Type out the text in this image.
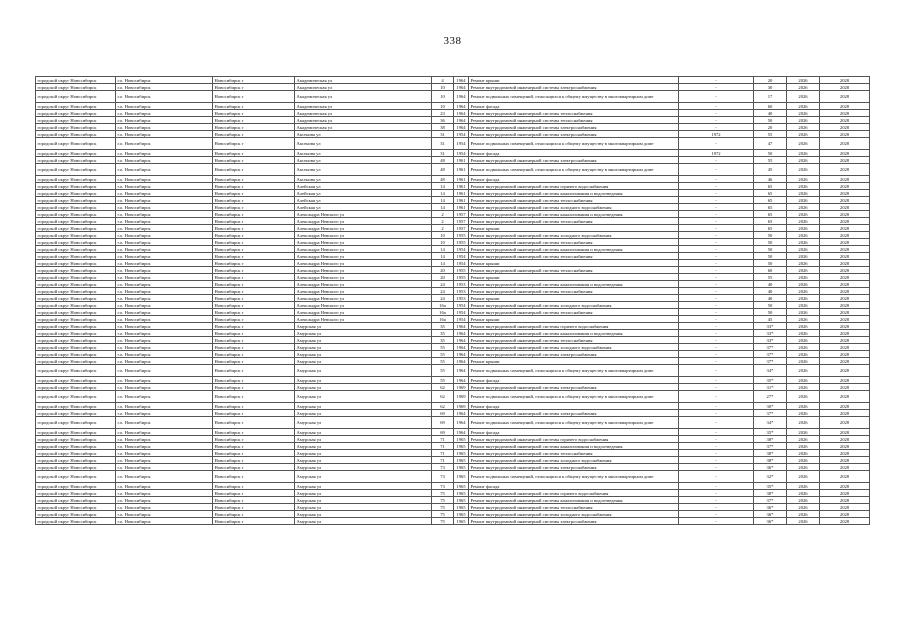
338
городской округ Новосибирск	г.о. Новосибирск	Новосибирск г	Академическая ул	4	1964	Ремонт крыши	-	20	2026	2028
городской округ Новосибирск	г.о. Новосибирск	Новосибирск г	Академическая ул	10	1964	Ремонт внутридомовой инженерной системы электроснабжения	-	30	2026	2028
городской округ Новосибирск	г.о. Новосибирск	Новосибирск г	Академическая ул	10	1964	Ремонт подвальных помещений, относящихся к общему имуществу в многоквартирном доме	-	17	2026	2028
городской округ Новосибирск	г.о. Новосибирск	Новосибирск г	Академическая ул	10	1964	Ремонт фасада	-	60	2026	2028
городской округ Новосибирск	г.о. Новосибирск	Новосибирск г	Академическая ул	23	1964	Ремонт внутридомовой инженерной системы теплоснабжения	-	40	2026	2028
городской округ Новосибирск	г.о. Новосибирск	Новосибирск г	Академическая ул	36	1964	Ремонт внутридомовой инженерной системы теплоснабжения	-	50	2026	2028
городской округ Новосибирск	г.о. Новосибирск	Новосибирск г	Академическая ул	38	1964	Ремонт внутридомовой инженерной системы электроснабжения	-	20	2026	2028
городской округ Новосибирск	г.о. Новосибирск	Новосибирск г	Аксенова ул	31	1954	Ремонт внутридомовой инженерной системы электроснабжения	1972	55	2026	2028
городской округ Новосибирск	г.о. Новосибирск	Новосибирск г	Аксенова ул	31	1954	Ремонт подвальных помещений, относящихся к общему имуществу в многоквартирном доме	-	47	2026	2028
городской округ Новосибирск	г.о. Новосибирск	Новосибирск г	Аксенова ул	31	1954	Ремонт фасада	1972	50	2026	2028
городской округ Новосибирск	г.о. Новосибирск	Новосибирск г	Аксенова ул	48	1961	Ремонт внутридомовой инженерной системы электроснабжения	-	55	2026	2028
городской округ Новосибирск	г.о. Новосибирск	Новосибирск г	Аксенова ул	48	1961	Ремонт подвальных помещений, относящихся к общему имуществу в многоквартирном доме	-	45	2026	2028
городской округ Новосибирск	г.о. Новосибирск	Новосибирск г	Аксенова ул	48	1961	Ремонт фасада	-	46	2026	2028
городской округ Новосибирск	г.о. Новосибирск	Новосибирск г	Алейская ул	14	1961	Ремонт внутридомовой инженерной системы горячего водоснабжения	-	65	2026	2028
городской округ Новосибирск	г.о. Новосибирск	Новосибирск г	Алейская ул	14	1961	Ремонт внутридомовой инженерной системы канализования и водоотведения	-	65	2026	2028
городской округ Новосибирск	г.о. Новосибирск	Новосибирск г	Алейская ул	14	1961	Ремонт внутридомовой инженерной системы теплоснабжения	-	65	2026	2028
городской округ Новосибирск	г.о. Новосибирск	Новосибирск г	Алейская ул	14	1961	Ремонт внутридомовой инженерной системы холодного водоснабжения	-	65	2026	2028
городской округ Новосибирск	г.о. Новосибирск	Новосибирск г	Александра Невского ул	2	1957	Ремонт внутридомовой инженерной системы канализования и водоотведения	-	65	2026	2028
городской округ Новосибирск	г.о. Новосибирск	Новосибирск г	Александра Невского ул	2	1957	Ремонт внутридомовой инженерной системы теплоснабжения	-	65	2026	2028
городской округ Новосибирск	г.о. Новосибирск	Новосибирск г	Александра Невского ул	2	1957	Ремонт крыши	-	65	2026	2028
городской округ Новосибирск	г.о. Новосибирск	Новосибирск г	Александра Невского ул	10	1955	Ремонт внутридомовой инженерной системы холодного водоснабжения	-	50	2026	2028
городской округ Новосибирск	г.о. Новосибирск	Новосибирск г	Александра Невского ул	10	1955	Ремонт внутридомовой инженерной системы теплоснабжения	-	50	2026	2028
городской округ Новосибирск	г.о. Новосибирск	Новосибирск г	Александра Невского ул	14	1954	Ремонт внутридомовой инженерной системы канализования и водоотведения	-	50	2026	2028
городской округ Новосибирск	г.о. Новосибирск	Новосибирск г	Александра Невского ул	14	1954	Ремонт внутридомовой инженерной системы теплоснабжения	-	50	2026	2028
городской округ Новосибирск	г.о. Новосибирск	Новосибирск г	Александра Невского ул	14	1954	Ремонт крыши	-	50	2026	2028
городской округ Новосибирск	г.о. Новосибирск	Новосибирск г	Александра Невского ул	20	1955	Ремонт внутридомовой инженерной системы теплоснабжения	-	60	2026	2028
городской округ Новосибирск	г.о. Новосибирск	Новосибирск г	Александра Невского ул	20	1955	Ремонт крыши	-	55	2026	2028
городской округ Новосибирск	г.о. Новосибирск	Новосибирск г	Александра Невского ул	24	1953	Ремонт внутридомовой инженерной системы канализования и водоотведения	-	40	2026	2028
городской округ Новосибирск	г.о. Новосибирск	Новосибирск г	Александра Невского ул	24	1953	Ремонт внутридомовой инженерной системы теплоснабжения	-	40	2026	2028
городской округ Новосибирск	г.о. Новосибирск	Новосибирск г	Александра Невского ул	24	1953	Ремонт крыши	-	40	2026	2028
городской округ Новосибирск	г.о. Новосибирск	Новосибирск г	Александра Невского ул	16а	1954	Ремонт внутридомовой инженерной системы холодного водоснабжения	-	50	2026	2028
городской округ Новосибирск	г.о. Новосибирск	Новосибирск г	Александра Невского ул	16а	1954	Ремонт внутридомовой инженерной системы теплоснабжения	-	50	2026	2028
городской округ Новосибирск	г.о. Новосибирск	Новосибирск г	Александра Невского ул	16а	1954	Ремонт крыши	-	45	2026	2028
городской округ Новосибирск	г.о. Новосибирск	Новосибирск г	Амурская ул	35	1964	Ремонт внутридомовой инженерной системы горячего водоснабжения	-	33*	2026	2028
городской округ Новосибирск	г.о. Новосибирск	Новосибирск г	Амурская ул	35	1964	Ремонт внутридомовой инженерной системы канализования и водоотведения	-	33*	2026	2028
городской округ Новосибирск	г.о. Новосибирск	Новосибирск г	Амурская ул	35	1964	Ремонт внутридомовой инженерной системы теплоснабжения	-	33*	2026	2028
городской округ Новосибирск	г.о. Новосибирск	Новосибирск г	Амурская ул	55	1964	Ремонт внутридомовой инженерной системы холодного водоснабжения	-	37*	2026	2028
городской округ Новосибирск	г.о. Новосибирск	Новосибирск г	Амурская ул	55	1964	Ремонт внутридомовой инженерной системы электроснабжения	-	37*	2026	2028
городской округ Новосибирск	г.о. Новосибирск	Новосибирск г	Амурская ул	55	1964	Ремонт крыши	-	37*	2026	2028
городской округ Новосибирск	г.о. Новосибирск	Новосибирск г	Амурская ул	55	1964	Ремонт подвальных помещений, относящихся к общему имуществу в многоквартирном доме	-	34*	2026	2028
городской округ Новосибирск	г.о. Новосибирск	Новосибирск г	Амурская ул	55	1964	Ремонт фасада	-	35*	2026	2028
городской округ Новосибирск	г.о. Новосибирск	Новосибирск г	Амурская ул	62	1969	Ремонт внутридомовой инженерной системы электроснабжения	-	31*	2026	2028
городской округ Новосибирск	г.о. Новосибирск	Новосибирск г	Амурская ул	62	1969	Ремонт подвальных помещений, относящихся к общему имуществу в многоквартирном доме	-	27*	2026	2028
городской округ Новосибирск	г.о. Новосибирск	Новосибирск г	Амурская ул	62	1969	Ремонт фасада	-	30*	2026	2028
городской округ Новосибирск	г.о. Новосибирск	Новосибирск г	Амурская ул	69	1964	Ремонт внутридомовой инженерной системы электроснабжения	-	37*	2026	2028
городской округ Новосибирск	г.о. Новосибирск	Новосибирск г	Амурская ул	69	1964	Ремонт подвальных помещений, относящихся к общему имуществу в многоквартирном доме	-	34*	2026	2028
городской округ Новосибирск	г.о. Новосибирск	Новосибирск г	Амурская ул	69	1964	Ремонт фасада	-	35*	2026	2028
городской округ Новосибирск	г.о. Новосибирск	Новосибирск г	Амурская ул	71	1965	Ремонт внутридомовой инженерной системы горячего водоснабжения	-	38*	2026	2028
городской округ Новосибирск	г.о. Новосибирск	Новосибирск г	Амурская ул	71	1965	Ремонт внутридомовой инженерной системы канализования и водоотведения	-	37*	2026	2028
городской округ Новосибирск	г.о. Новосибирск	Новосибирск г	Амурская ул	71	1965	Ремонт внутридомовой инженерной системы теплоснабжения	-	38*	2026	2028
городской округ Новосибирск	г.о. Новосибирск	Новосибирск г	Амурская ул	71	1965	Ремонт внутридомовой инженерной системы холодного водоснабжения	-	38*	2026	2028
городской округ Новосибирск	г.о. Новосибирск	Новосибирск г	Амурская ул	73	1965	Ремонт внутридомовой инженерной системы электроснабжения	-	36*	2026	2028
городской округ Новосибирск	г.о. Новосибирск	Новосибирск г	Амурская ул	73	1965	Ремонт подвальных помещений, относящихся к общему имуществу в многоквартирном доме	-	32*	2026	2028
городской округ Новосибирск	г.о. Новосибирск	Новосибирск г	Амурская ул	73	1965	Ремонт фасада	-	35*	2026	2028
городской округ Новосибирск	г.о. Новосибирск	Новосибирск г	Амурская ул	75	1965	Ремонт внутридомовой инженерной системы горячего водоснабжения	-	38*	2026	2028
городской округ Новосибирск	г.о. Новосибирск	Новосибирск г	Амурская ул	75	1965	Ремонт внутридомовой инженерной системы канализования и водоотведения	-	37*	2026	2028
городской округ Новосибирск	г.о. Новосибирск	Новосибирск г	Амурская ул	75	1965	Ремонт внутридомовой инженерной системы теплоснабжения	-	36*	2026	2028
городской округ Новосибирск	г.о. Новосибирск	Новосибирск г	Амурская ул	75	1965	Ремонт внутридомовой инженерной системы холодного водоснабжения	-	36*	2026	2028
городской округ Новосибирск	г.о. Новосибирск	Новосибирск г	Амурская ул	75	1965	Ремонт внутридомовой инженерной системы электроснабжения	-	36*	2026	2028
